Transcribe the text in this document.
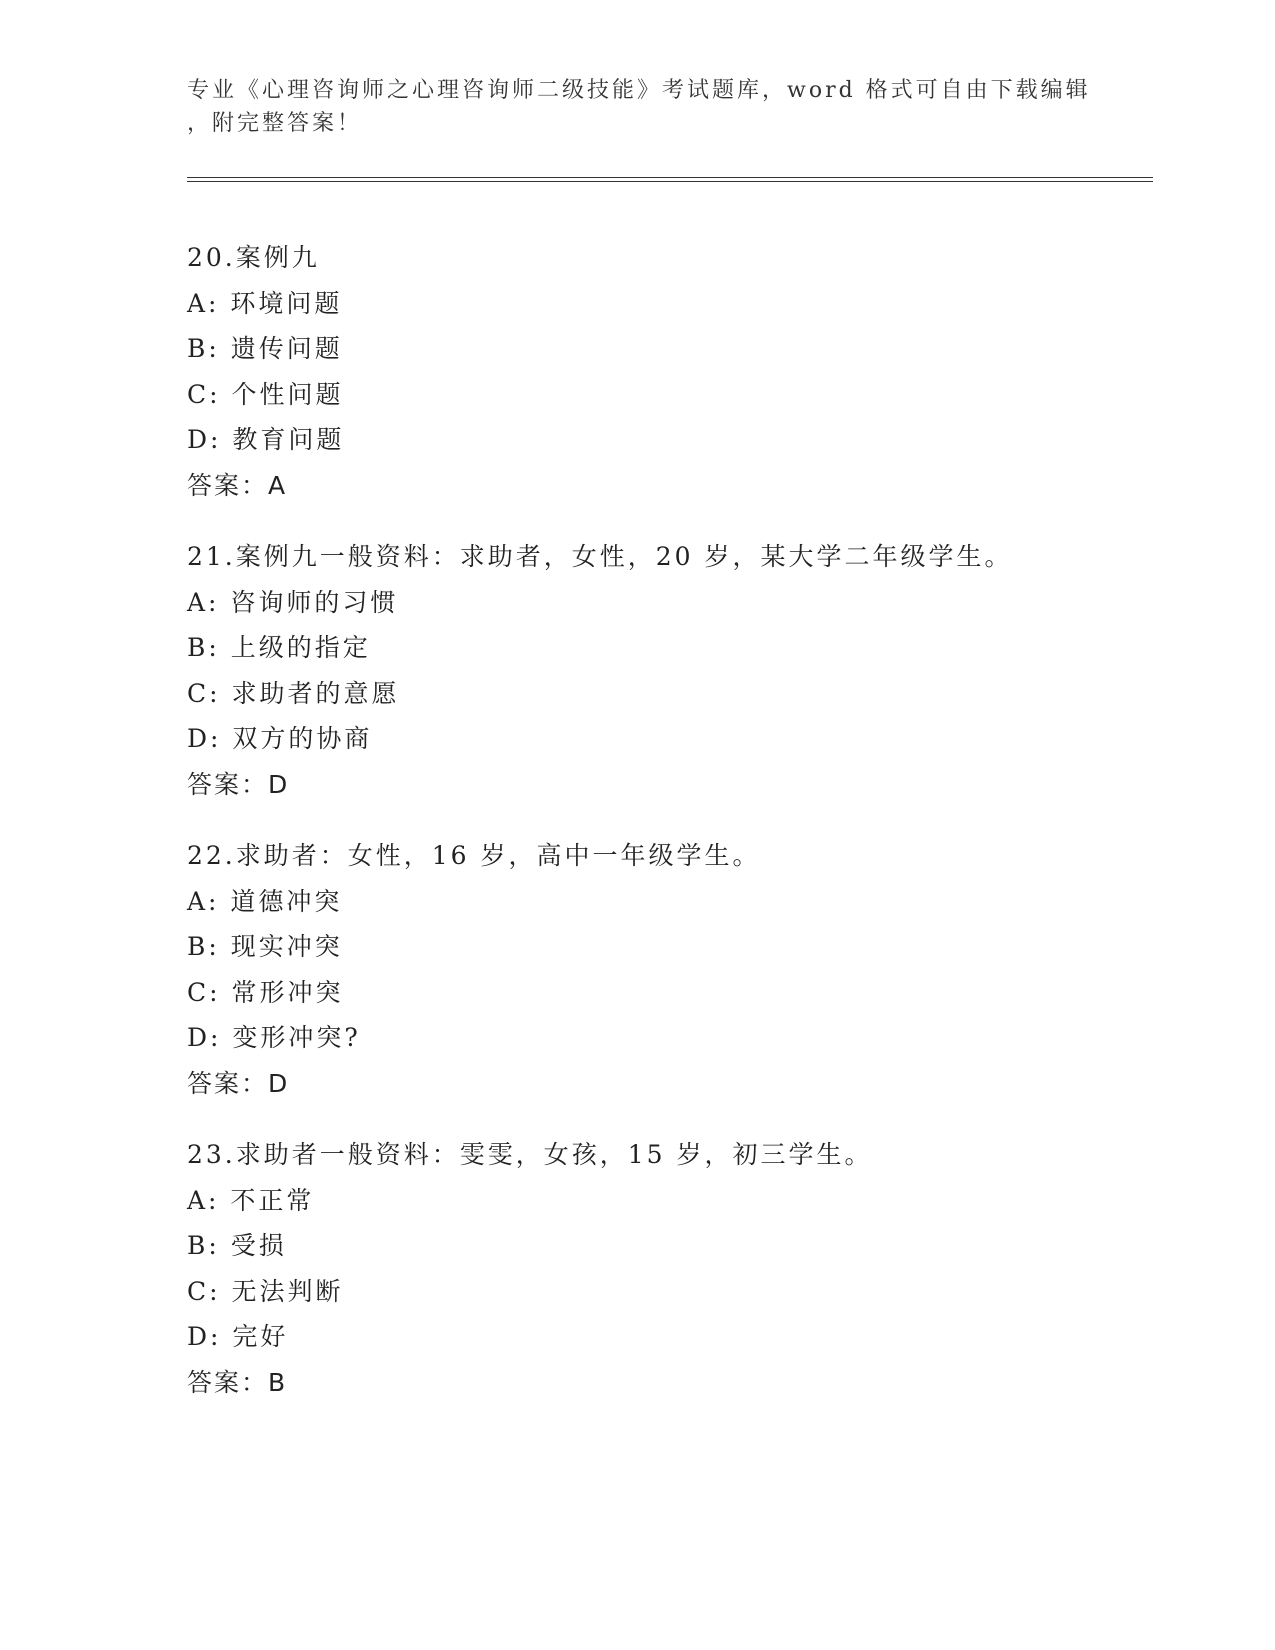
专业《心理咨询师之心理咨询师二级技能》考试题库，word 格式可自由下载编辑
，附完整答案！
20.案例九
A: 环境问题
B: 遗传问题
C: 个性问题
D: 教育问题
答案：A
21.案例九一般资料：求助者，女性，20 岁，某大学二年级学生。
A: 咨询师的习惯
B: 上级的指定
C: 求助者的意愿
D: 双方的协商
答案：D
22.求助者：女性，16 岁，高中一年级学生。
A: 道德冲突
B: 现实冲突
C: 常形冲突
D: 变形冲突?
答案：D
23.求助者一般资料：雯雯，女孩，15 岁，初三学生。
A: 不正常
B: 受损
C: 无法判断
D: 完好
答案：B
